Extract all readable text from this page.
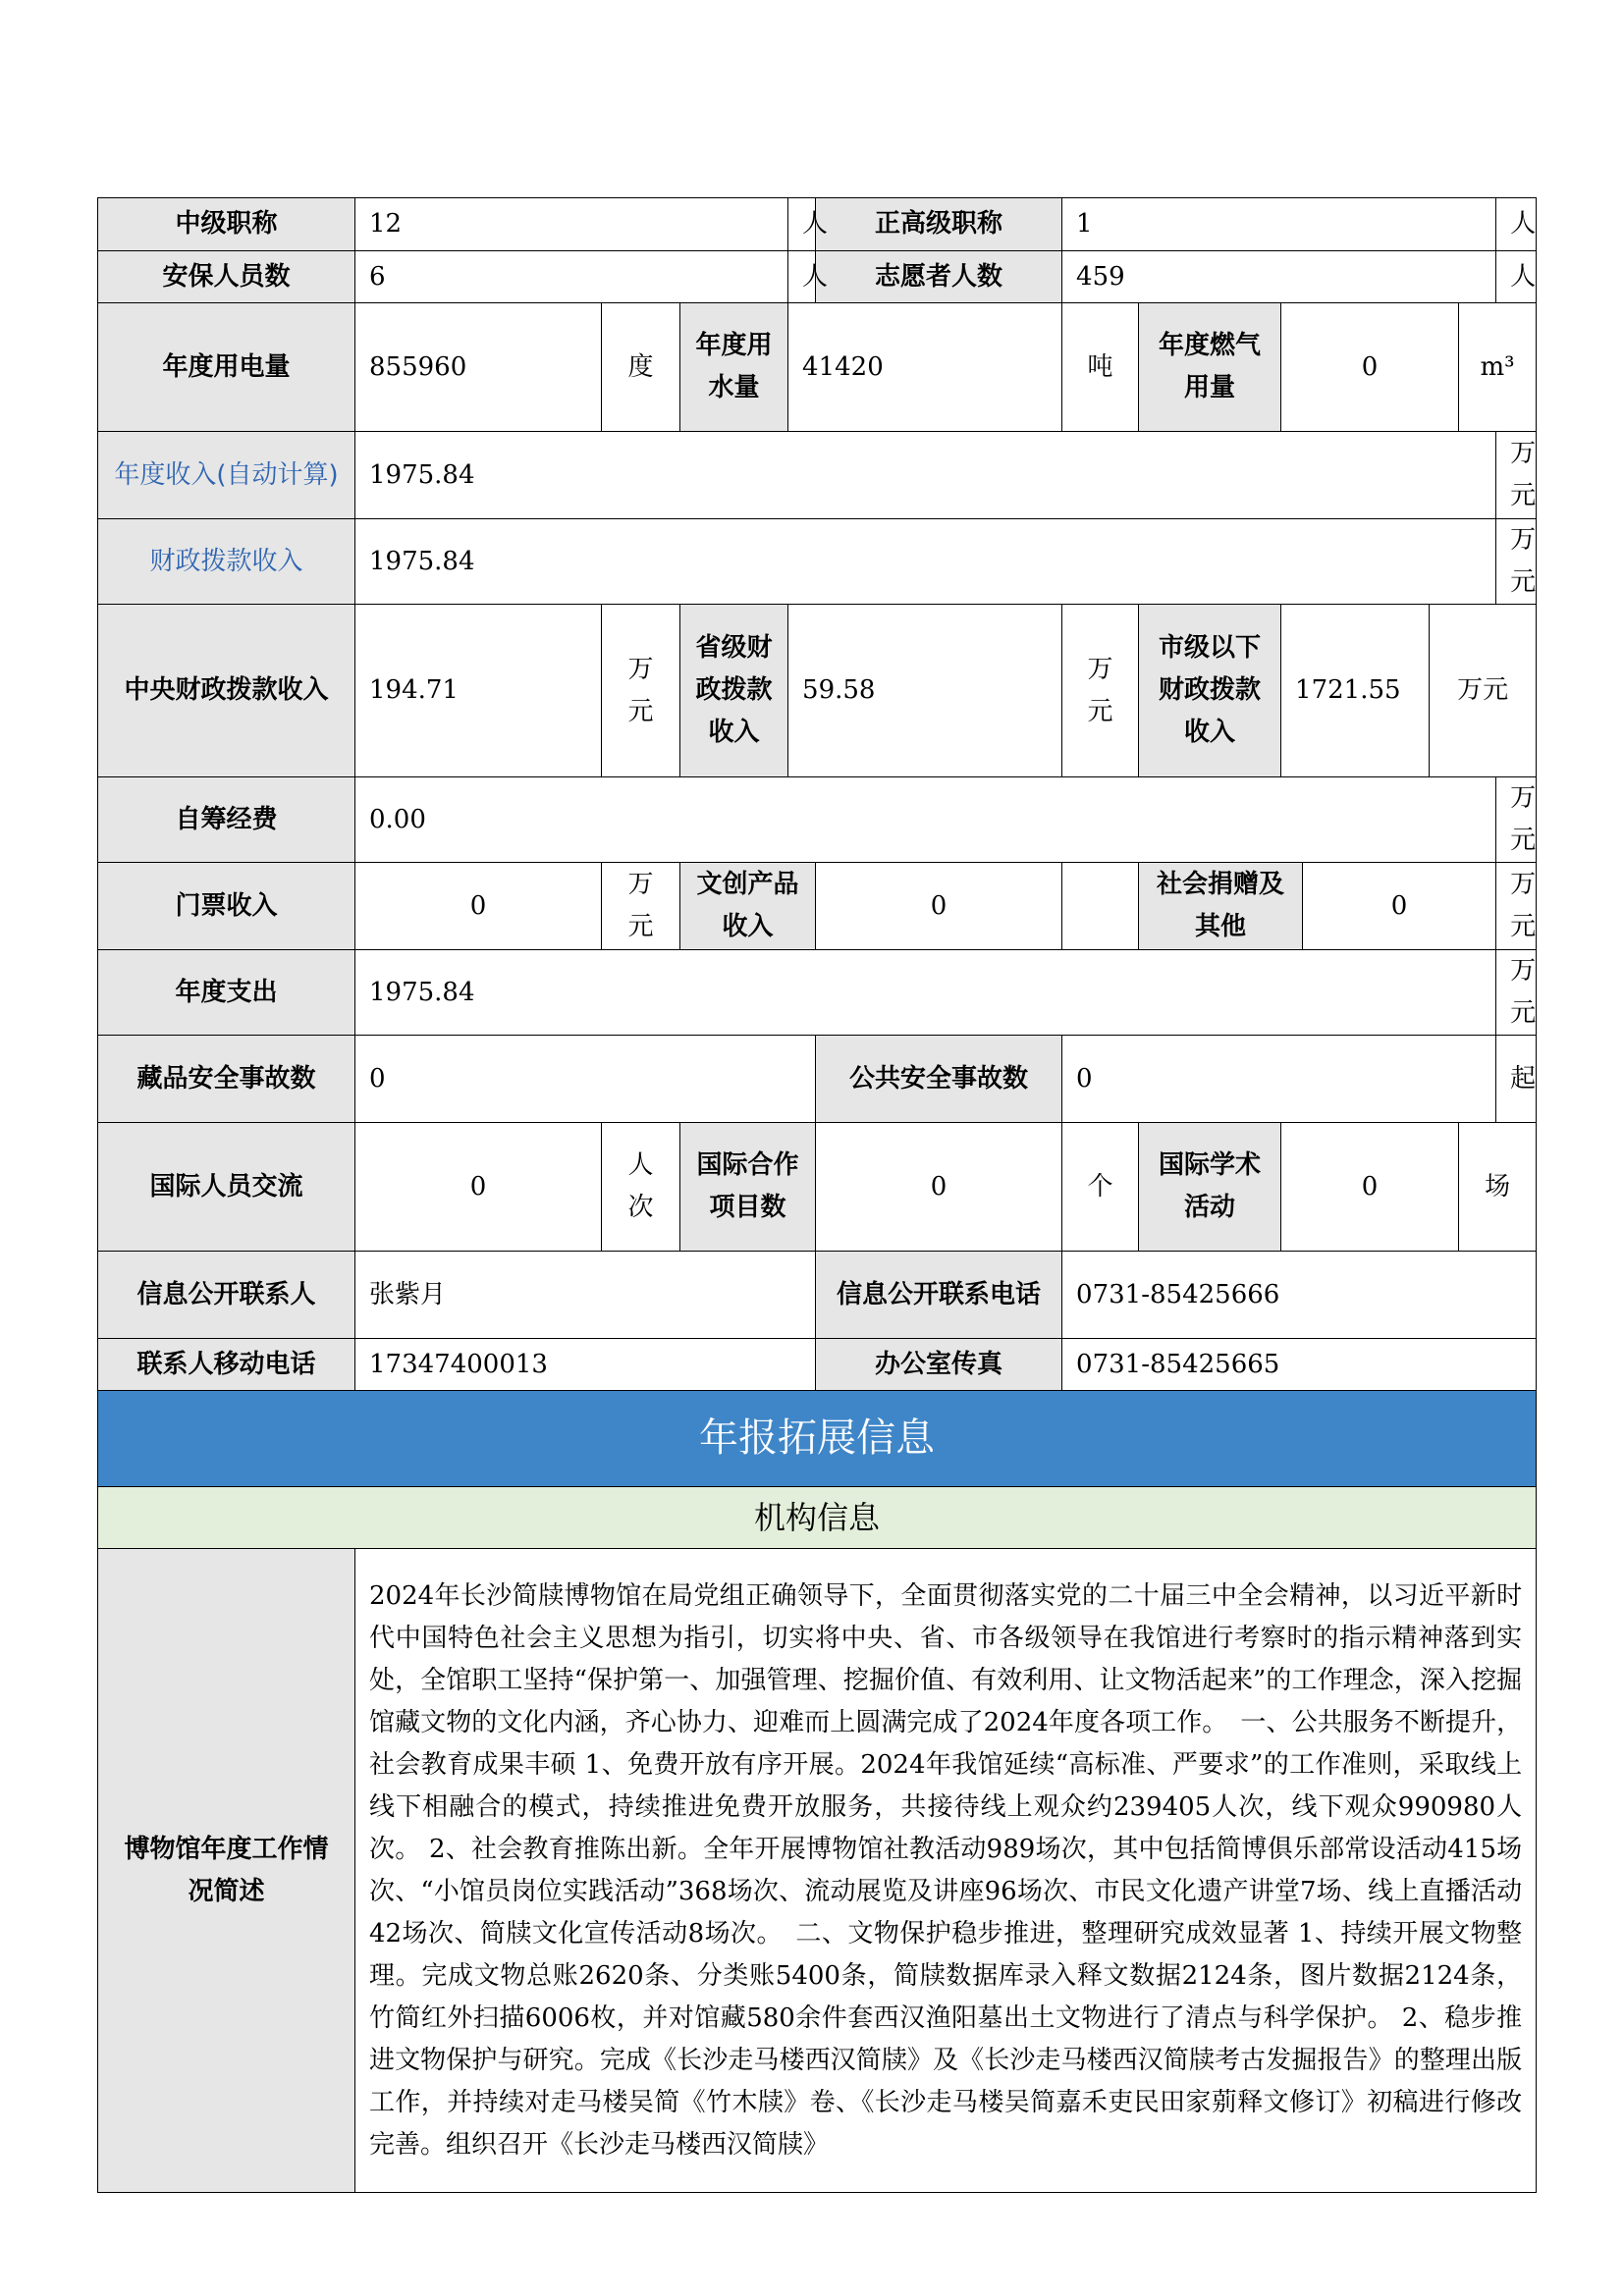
中级职称	12			人	正高级职称	1						人
安保人员数	6			人	志愿者人数	459						人
年度用电量	855960	度	年度用水量	41420		吨	年度燃气用量	0			m³	
年度收入(自动计算)	1975.84											万元
财政拨款收入	1975.84											万元
中央财政拨款收入	194.71	万元	省级财政拨款收入	59.58		万元	市级以下财政拨款收入	1721.55		万元		
自筹经费	0.00											万元
门票收入	0	万元	文创产品收入		0		社会捐赠及其他		0			万元
年度支出	1975.84											万元
藏品安全事故数	0				公共安全事故数	0						起
国际人员交流	0	人次	国际合作项目数		0	个	国际学术活动	0			场	
信息公开联系人	张紫月				信息公开联系电话	0731-85425666						
联系人移动电话	17347400013				办公室传真	0731-85425665						
年报拓展信息												
机构信息												
博物馆年度工作情况简述	2024年长沙简牍博物馆在局党组正确领导下，全面贯彻落实党的二十届三中全会精神，以习近平新时代中国特色社会主义思想为指引，切实将中央、省、市各级领导在我馆进行考察时的指示精神落到实处，全馆职工坚持“保护第一、加强管理、挖掘价值、有效利用、让文物活起来”的工作理念，深入挖掘馆藏文物的文化内涵，齐心协力、迎难而上圆满完成了2024年度各项工作。　一、公共服务不断提升，社会教育成果丰硕 1、免费开放有序开展。2024年我馆延续“高标准、严要求”的工作准则，采取线上线下相融合的模式，持续推进免费开放服务，共接待线上观众约239405人次，线下观众990980人次。 2、社会教育推陈出新。全年开展博物馆社教活动989场次，其中包括简博俱乐部常设活动415场次、“小馆员岗位实践活动”368场次、流动展览及讲座96场次、市民文化遗产讲堂7场、线上直播活动42场次、简牍文化宣传活动8场次。　二、文物保护稳步推进，整理研究成效显著 1、持续开展文物整理。完成文物总账2620条、分类账5400条，简牍数据库录入释文数据2124条，图片数据2124条，竹简红外扫描6006枚，并对馆藏580余件套西汉渔阳墓出土文物进行了清点与科学保护。 2、稳步推进文物保护与研究。完成《长沙走马楼西汉简牍》及《长沙走马楼西汉简牍考古发掘报告》的整理出版工作，并持续对走马楼吴简《竹木牍》卷、《长沙走马楼吴简嘉禾吏民田家莂释文修订》初稿进行修改完善。组织召开《长沙走马楼西汉简牍》											
